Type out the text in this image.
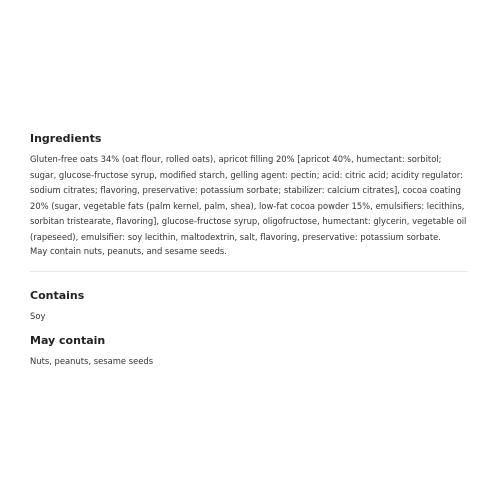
Ingredients

Gluten-free oats 34% (oat flour, rolled oats), apricot filling 20% [apricot 40%, humectant: sorbitol; sugar, glucose-fructose syrup, modified starch, gelling agent: pectin; acid: citric acid; acidity regulator: sodium citrates; flavoring, preservative: potassium sorbate; stabilizer: calcium citrates], cocoa coating 20% (sugar, vegetable fats (palm kernel, palm, shea), low-fat cocoa powder 15%, emulsifiers: lecithins, sorbitan tristearate, flavoring], glucose-fructose syrup, oligofructose, humectant: glycerin, vegetable oil (rapeseed), emulsifier: soy lecithin, maltodextrin, salt, flavoring, preservative: potassium sorbate.

May contain nuts, peanuts, and sesame seeds.

Contains

Soy

May contain

Nuts, peanuts, sesame seeds
